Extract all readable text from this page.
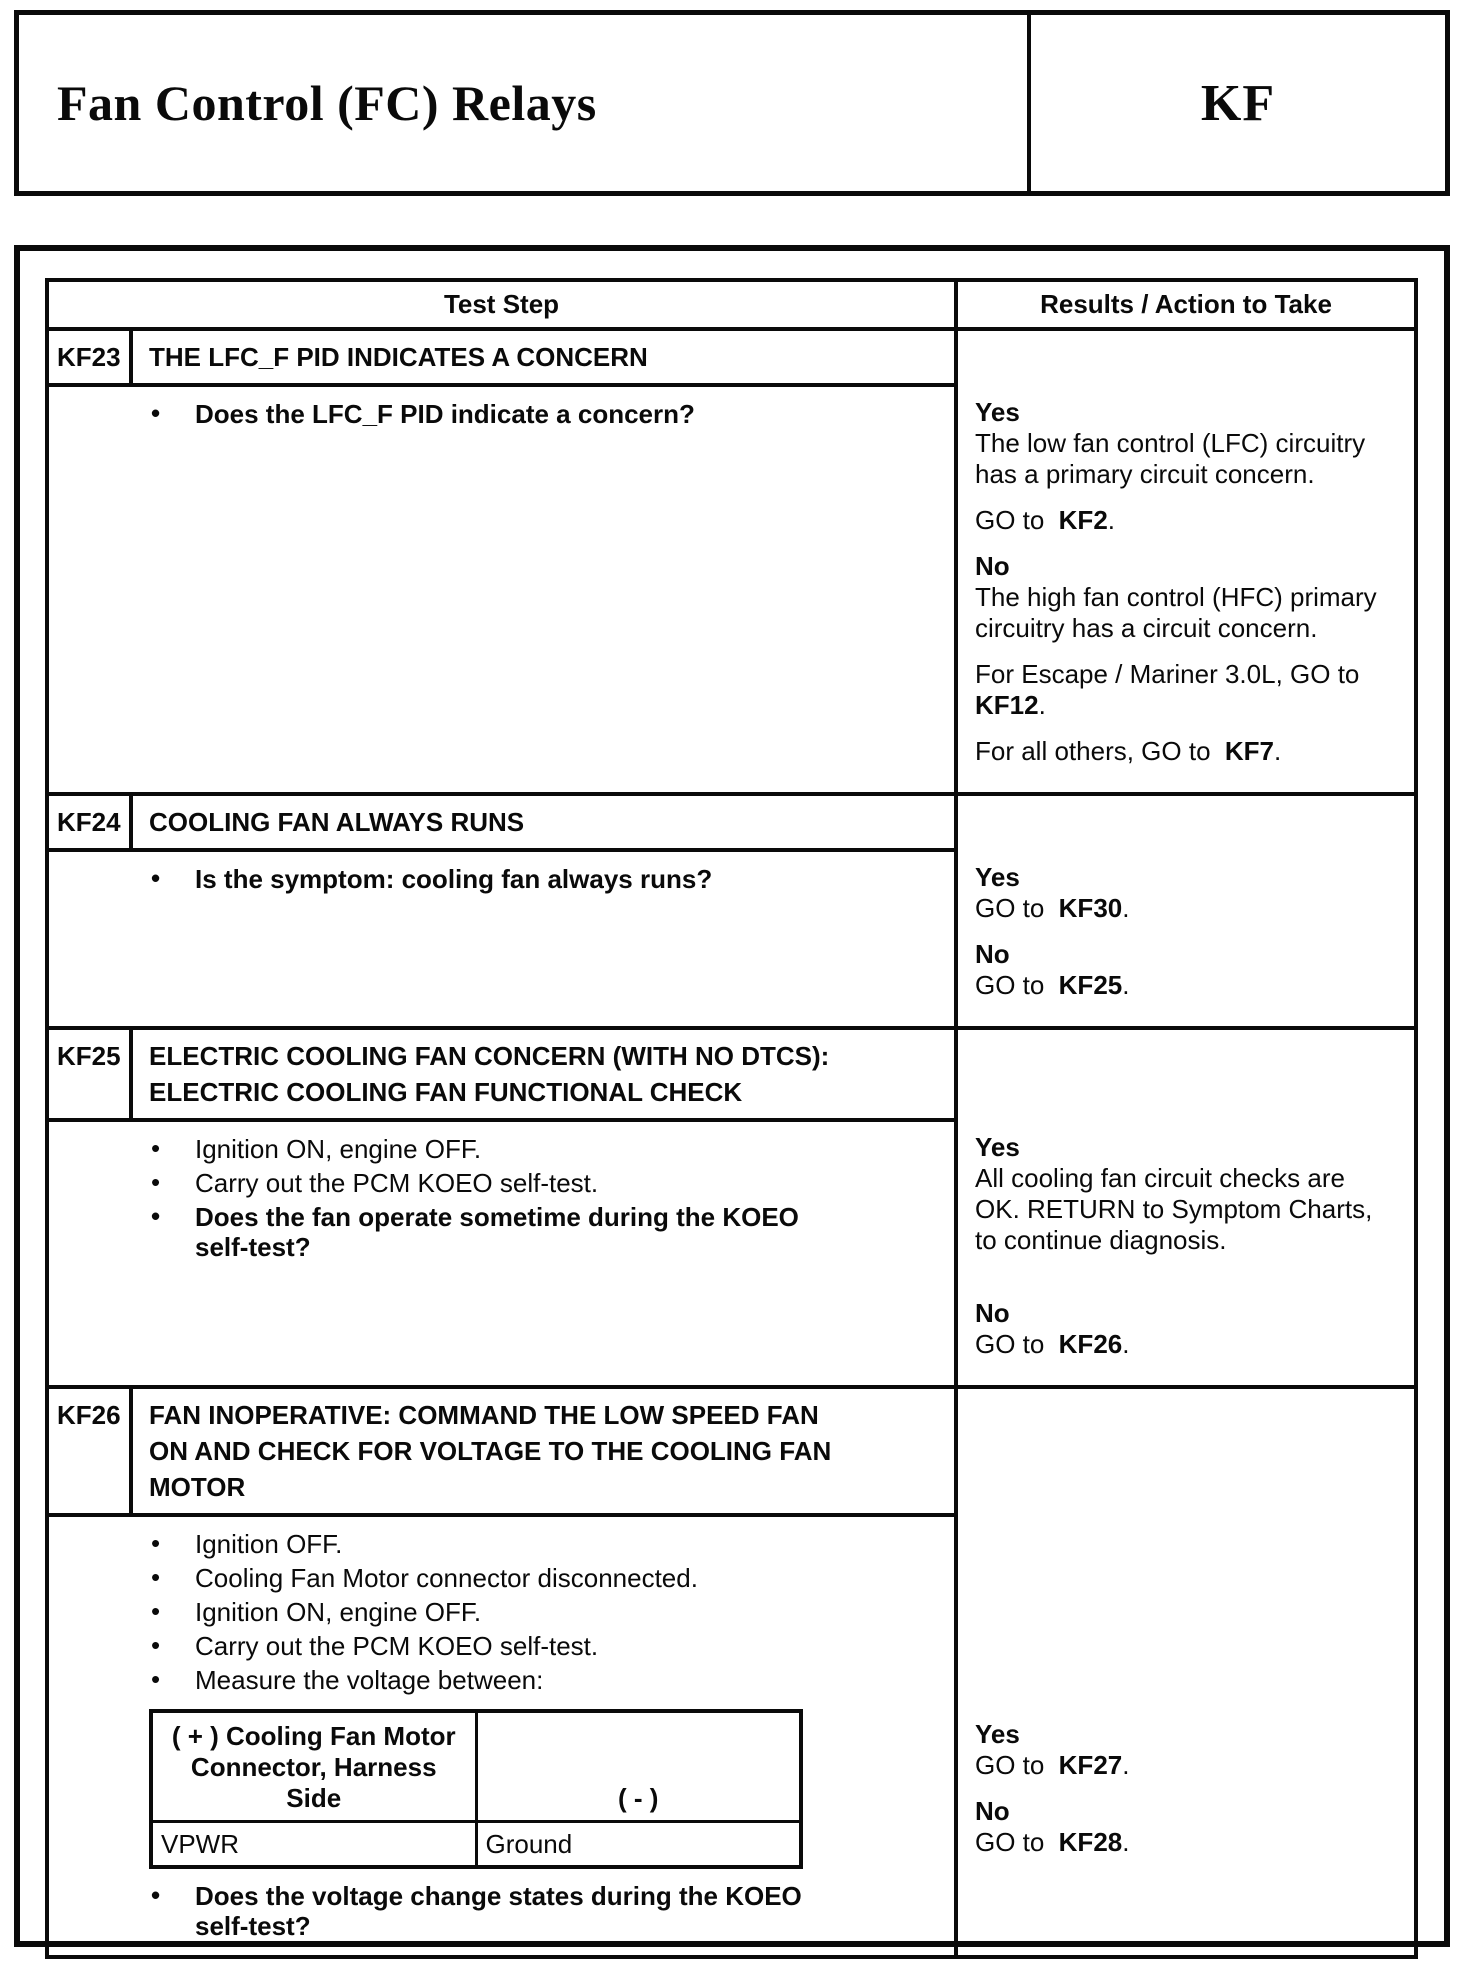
Fan Control (FC) Relays	KF
Test Step	Results / Action to Take
KF23	THE LFC_F PID INDICATES A CONCERN
• Does the LFC_F PID indicate a concern?	Yes
The low fan control (LFC) circuitry
has a primary circuit concern.
GO to KF2.
No
The high fan control (HFC) primary
circuitry has a circuit concern.
For Escape / Mariner 3.0L, GO to
KF12.
For all others, GO to KF7.
KF24	COOLING FAN ALWAYS RUNS
• Is the symptom: cooling fan always runs?	Yes
GO to KF30.
No
GO to KF25.
KF25	ELECTRIC COOLING FAN CONCERN (WITH NO DTCS):
ELECTRIC COOLING FAN FUNCTIONAL CHECK
• Ignition ON, engine OFF.
• Carry out the PCM KOEO self-test.
• Does the fan operate sometime during the KOEO
self-test?
Yes
All cooling fan circuit checks are
OK. RETURN to Symptom Charts,
to continue diagnosis.
No
GO to KF26.
KF26	FAN INOPERATIVE: COMMAND THE LOW SPEED FAN
ON AND CHECK FOR VOLTAGE TO THE COOLING FAN
MOTOR
• Ignition OFF.
• Cooling Fan Motor connector disconnected.
• Ignition ON, engine OFF.
• Carry out the PCM KOEO self-test.
• Measure the voltage between:
( + ) Cooling Fan Motor
Connector, Harness
Side	( - )

VPWR	Ground
• Does the voltage change states during the KOEO
self-test?
Yes
GO to KF27.
No
GO to KF28.
